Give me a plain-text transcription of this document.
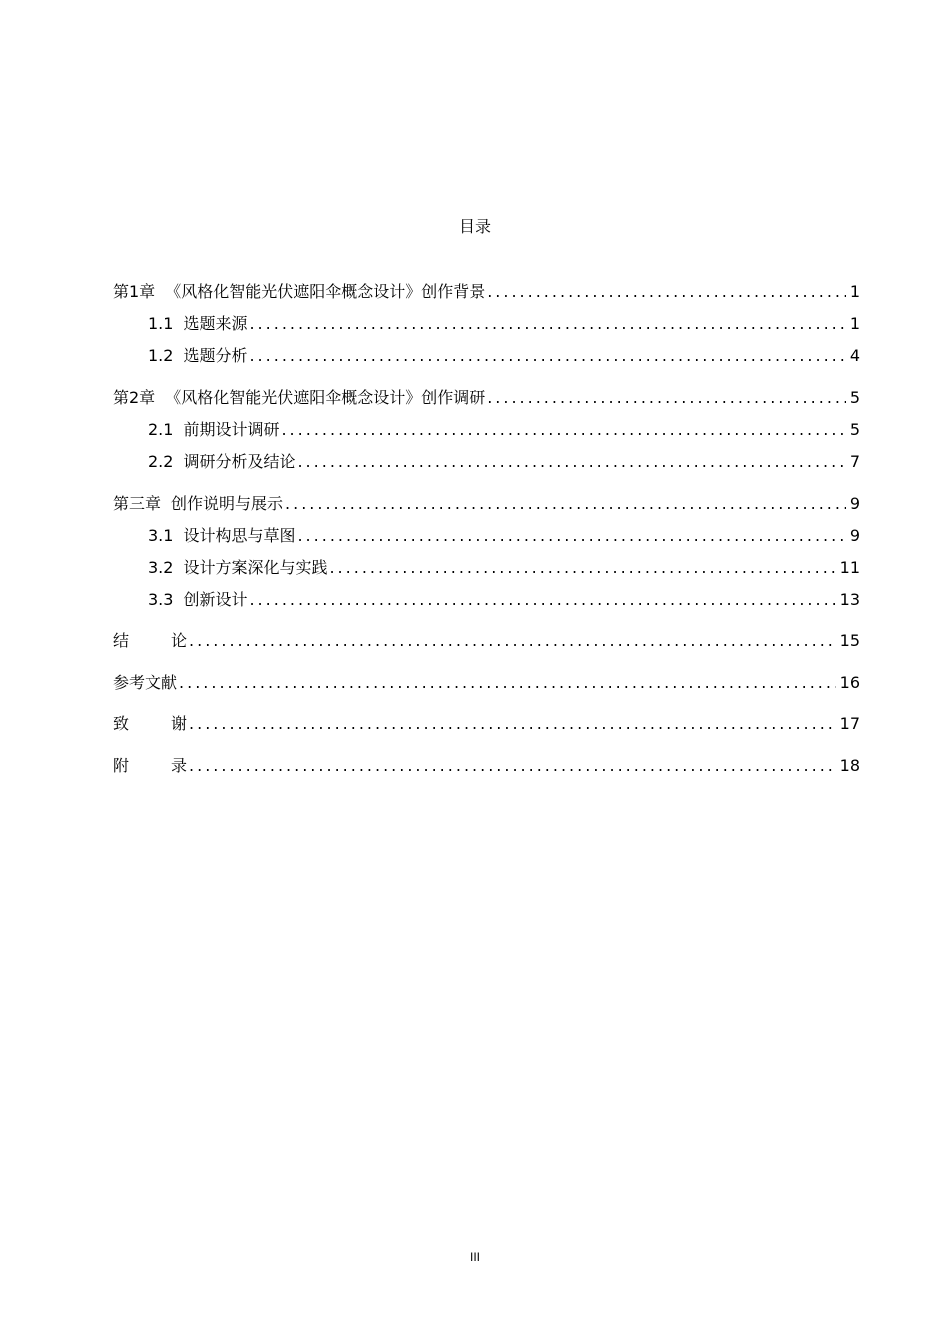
目录
第1章 《风格化智能光伏遮阳伞概念设计》创作背景 .....	1
1.1 选题来源 .....	1
1.2 选题分析 .....	4
第2章 《风格化智能光伏遮阳伞概念设计》创作调研 .....	5
2.1 前期设计调研 .....	5
2.2 调研分析及结论 .....	7
第三章 创作说明与展示 .....	9
3.1 设计构思与草图 .....	9
3.2 设计方案深化与实践 .....	11
3.3 创新设计 .....	13
结论 .....	15
参考文献 .....	16
致谢 .....	17
附录 .....	18
III
